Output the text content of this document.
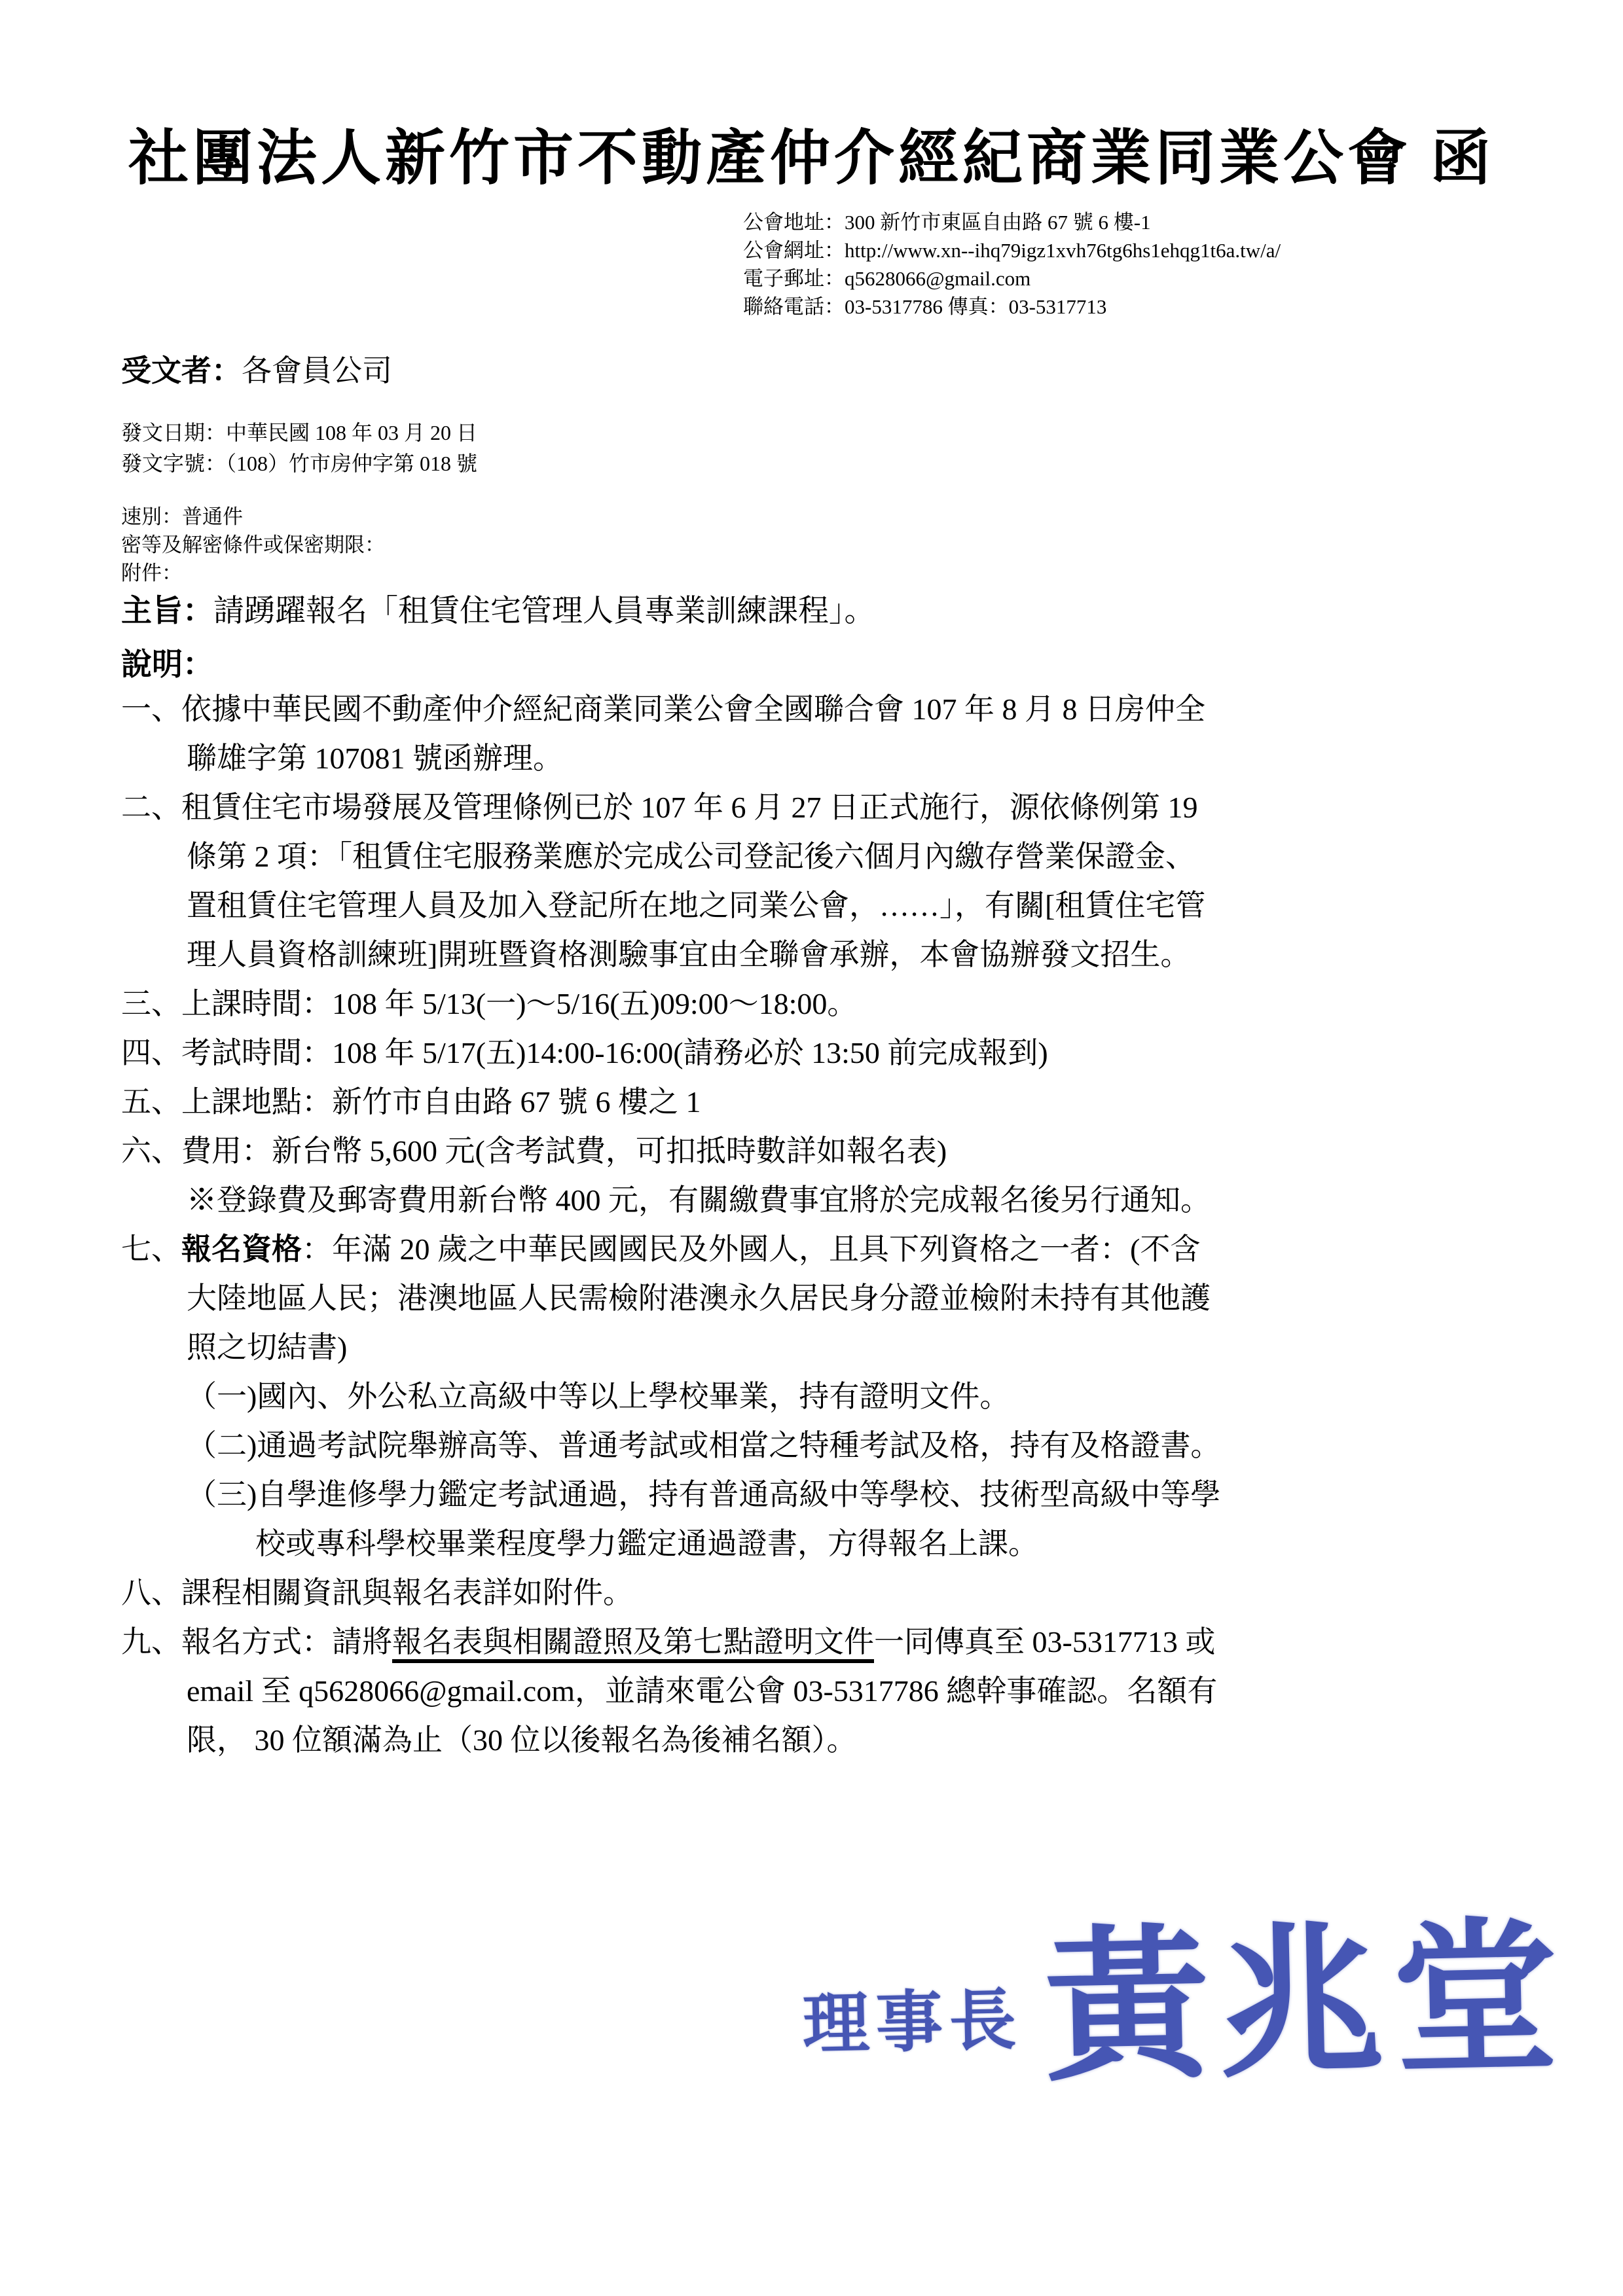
社團法人新竹市不動產仲介經紀商業同業公會 函
公會地址：300 新竹市東區自由路 67 號 6 樓-1
公會網址：http://www.xn--ihq79igz1xvh76tg6hs1ehqg1t6a.tw/a/
電子郵址：q5628066@gmail.com
聯絡電話：03-5317786 傳真：03-5317713
受文者：各會員公司
發文日期：中華民國 108 年 03 月 20 日
發文字號：（108）竹市房仲字第 018 號
速別：普通件
密等及解密條件或保密期限：
附件：
主旨：請踴躍報名「租賃住宅管理人員專業訓練課程」。
說明：
一、依據中華民國不動產仲介經紀商業同業公會全國聯合會 107 年 8 月 8 日房仲全
聯雄字第 107081 號函辦理。
二、租賃住宅市場發展及管理條例已於 107 年 6 月 27 日正式施行，源依條例第 19
條第 2 項：「租賃住宅服務業應於完成公司登記後六個月內繳存營業保證金、
置租賃住宅管理人員及加入登記所在地之同業公會，……」，有關[租賃住宅管
理人員資格訓練班]開班暨資格測驗事宜由全聯會承辦，本會協辦發文招生。
三、上課時間：108 年 5/13(一)～5/16(五)09:00～18:00。
四、考試時間：108 年 5/17(五)14:00-16:00(請務必於 13:50 前完成報到)
五、上課地點：新竹市自由路 67 號 6 樓之 1
六、費用：新台幣 5,600 元(含考試費，可扣抵時數詳如報名表)
※登錄費及郵寄費用新台幣 400 元，有關繳費事宜將於完成報名後另行通知。
七、報名資格：年滿 20 歲之中華民國國民及外國人，且具下列資格之一者：(不含
大陸地區人民；港澳地區人民需檢附港澳永久居民身分證並檢附未持有其他護
照之切結書)
（一)國內、外公私立高級中等以上學校畢業，持有證明文件。
（二)通過考試院舉辦高等、普通考試或相當之特種考試及格，持有及格證書。
（三)自學進修學力鑑定考試通過，持有普通高級中等學校、技術型高級中等學
校或專科學校畢業程度學力鑑定通過證書，方得報名上課。
八、課程相關資訊與報名表詳如附件。
九、報名方式：請將報名表與相關證照及第七點證明文件一同傳真至 03-5317713 或
email 至 q5628066@gmail.com，並請來電公會 03-5317786 總幹事確認。名額有
限， 30 位額滿為止（30 位以後報名為後補名額）。
理事長 黃兆堂
